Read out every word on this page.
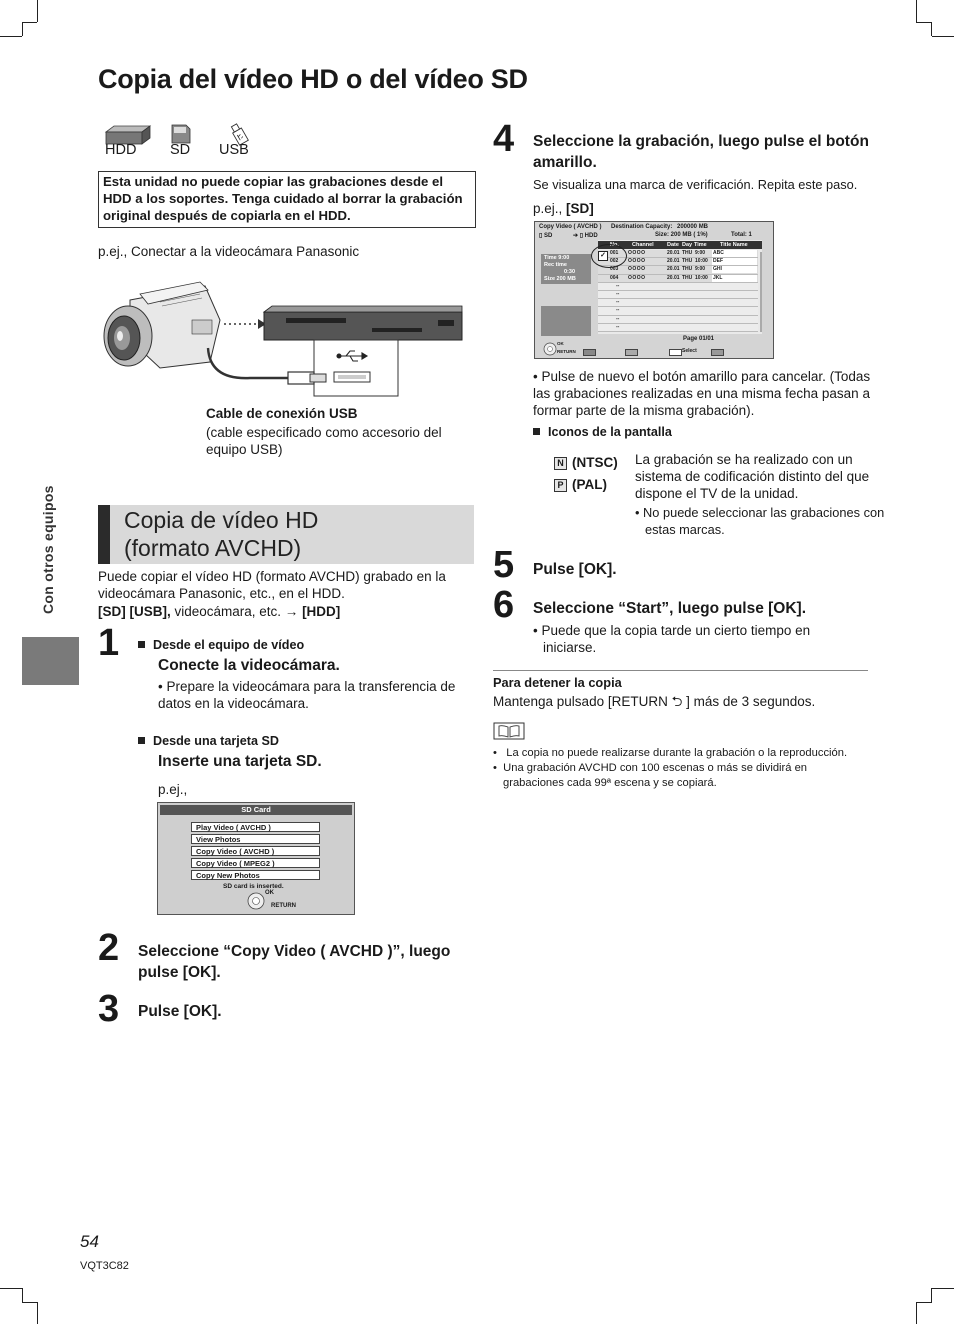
Copia del vídeo HD o del vídeo SD
HDD SD USB
Esta unidad no puede copiar las grabaciones desde el HDD a los soportes. Tenga cuidado al borrar la grabación original después de copiarla en el HDD.
p.ej., Conectar a la videocámara Panasonic
Cable de conexión USB
(cable especificado como accesorio del equipo USB)
Con otros equipos	Copia de vídeo HD
(formato AVCHD)
Puede copiar el vídeo HD (formato AVCHD) grabado en la videocámara Panasonic, etc., en el HDD.
[SD] [USB], videocámara, etc. → [HDD]
1	Desde el equipo de vídeo
Conecte la videocámara.
• Prepare la videocámara para la transferencia de datos en la videocámara.
Desde una tarjeta SD
Inserte una tarjeta SD.
p.ej.,
SD Card
Play Video ( AVCHD )
View Photos
Copy Video ( AVCHD )
Copy Video ( MPEG2 )
Copy New Photos
SD card is inserted.
OK
RETURN
2 Seleccione “Copy Video ( AVCHD )”, luego pulse [OK].
3 Pulse [OK].
4 Seleccione la grabación, luego pulse el botón amarillo.
Se visualiza una marca de verificación. Repita este paso.
p.ej., [SD]
Copy Video ( AVCHD ) Destination Capacity: 200000 MB
▯ SD	➔ ▯ HDD	Size: 200 MB ( 1%)	Total: 1
Time 9:00
Rec time
0:30
Size 200 MB
No. Channel Date Day Time Title Name
001 OOOO	20.01 THU 9:00 ABC
002 OOOO	20.01 THU 10:00 DEF
003 OOOO	20.01 THU 9:00 GHI
004 OOOO	20.01 THU 10:00 JKL
--
--
--
--
--
--
✓
Page 01/01
OK
RETURN	Select
• Pulse de nuevo el botón amarillo para cancelar. (Todas las grabaciones realizadas en una misma fecha pasan a formar parte de la misma grabación).
Iconos de la pantalla
N (NTSC)
P (PAL)
La grabación se ha realizado con un sistema de codificación distinto del que dispone el TV de la unidad.
• No puede seleccionar las grabaciones con estas marcas.
5 Pulse [OK].
6 Seleccione “Start”, luego pulse [OK].
• Puede que la copia tarde un cierto tiempo en iniciarse.
Para detener la copia
Mantenga pulsado [RETURN ⮌ ] más de 3 segundos.
•   La copia no puede realizarse durante la grabación o la reproducción.
•  Una grabación AVCHD con 100 escenas o más se dividirá en grabaciones cada 99ª escena y se copiará.
54
VQT3C82
